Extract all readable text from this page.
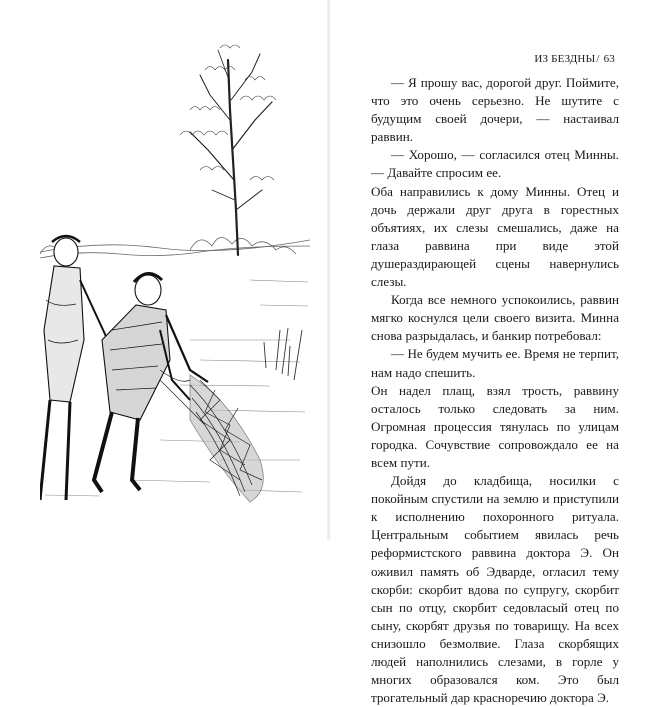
ИЗ БЕЗДНЫ/ 63

— Я прошу вас, дорогой друг. Поймите, что это очень серьезно. Не шутите с будущим своей дочери, — настаивал раввин.

— Хорошо, — согласился отец Минны. — Давайте спросим ее.

Оба направились к дому Минны. Отец и дочь держали друг друга в горестных объятиях, их слезы смешались, даже на глаза раввина при виде этой душераздирающей сцены навернулись слезы.

Когда все немного успокоились, раввин мягко коснулся цели своего визита. Минна снова разрыдалась, и банкир потребовал:

— Не будем мучить ее. Время не терпит, нам надо спешить.

Он надел плащ, взял трость, раввину осталось только следовать за ним. Огромная процессия тянулась по улицам городка. Сочувствие сопровождало ее на всем пути.

Дойдя до кладбища, носилки с покойным спустили на землю и приступили к исполнению похоронного ритуала. Центральным событием явилась речь реформистского раввина доктора Э. Он оживил память об Эдварде, огласил тему скорби: скорбит вдова по супругу, скорбит сын по отцу, скорбит седовласый отец по сыну, скорбят друзья по товарищу. На всех снизошло безмолвие. Глаза скорбящих людей наполнились слезами, в горле у многих образовался ком. Это был трогательный дар красноречию доктора Э.
